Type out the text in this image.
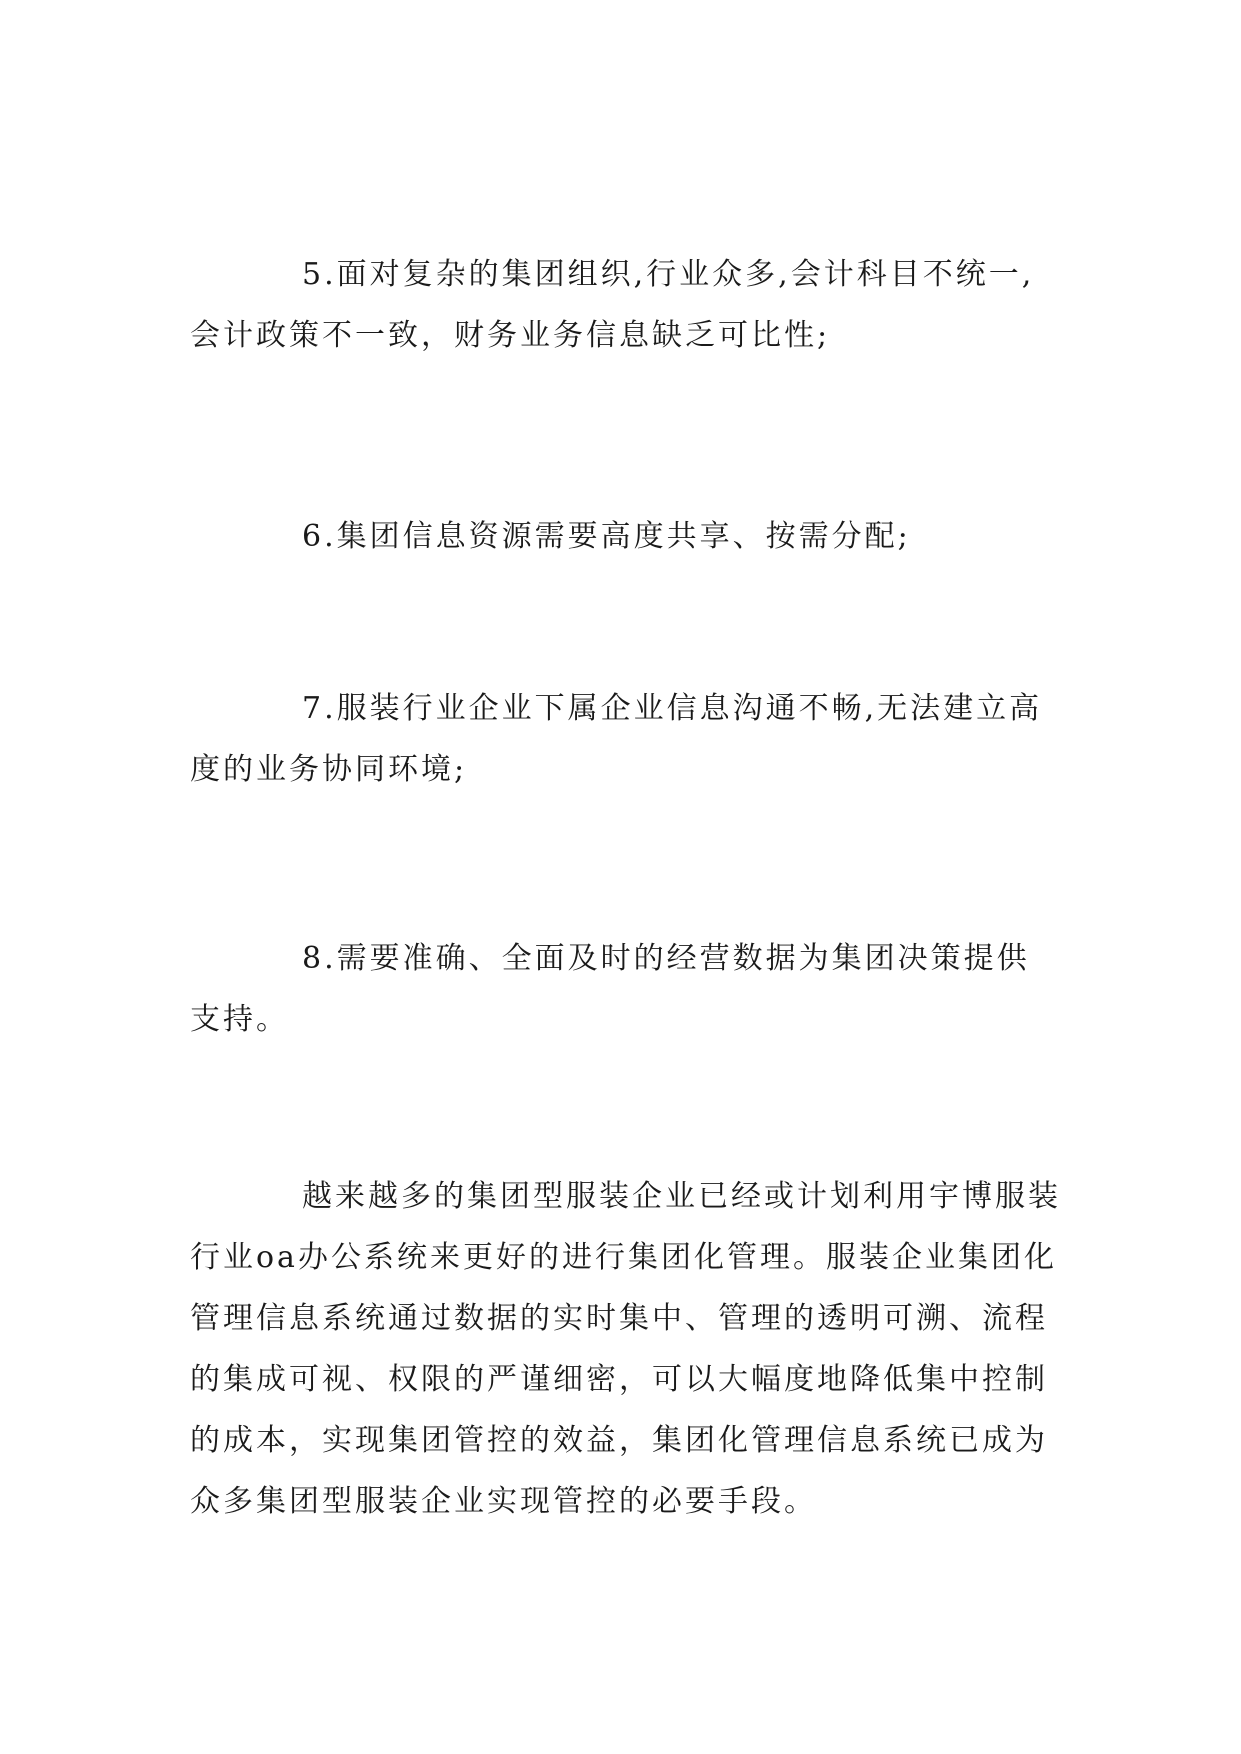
5.面对复杂的集团组织,行业众多,会计科目不统一,会计政策不一致，财务业务信息缺乏可比性;

6.集团信息资源需要高度共享、按需分配;

7.服装行业企业下属企业信息沟通不畅,无法建立高度的业务协同环境;

8.需要准确、全面及时的经营数据为集团决策提供支持。

越来越多的集团型服装企业已经或计划利用宇博服装行业oa办公系统来更好的进行集团化管理。服装企业集团化管理信息系统通过数据的实时集中、管理的透明可溯、流程的集成可视、权限的严谨细密，可以大幅度地降低集中控制的成本，实现集团管控的效益，集团化管理信息系统已成为众多集团型服装企业实现管控的必要手段。
